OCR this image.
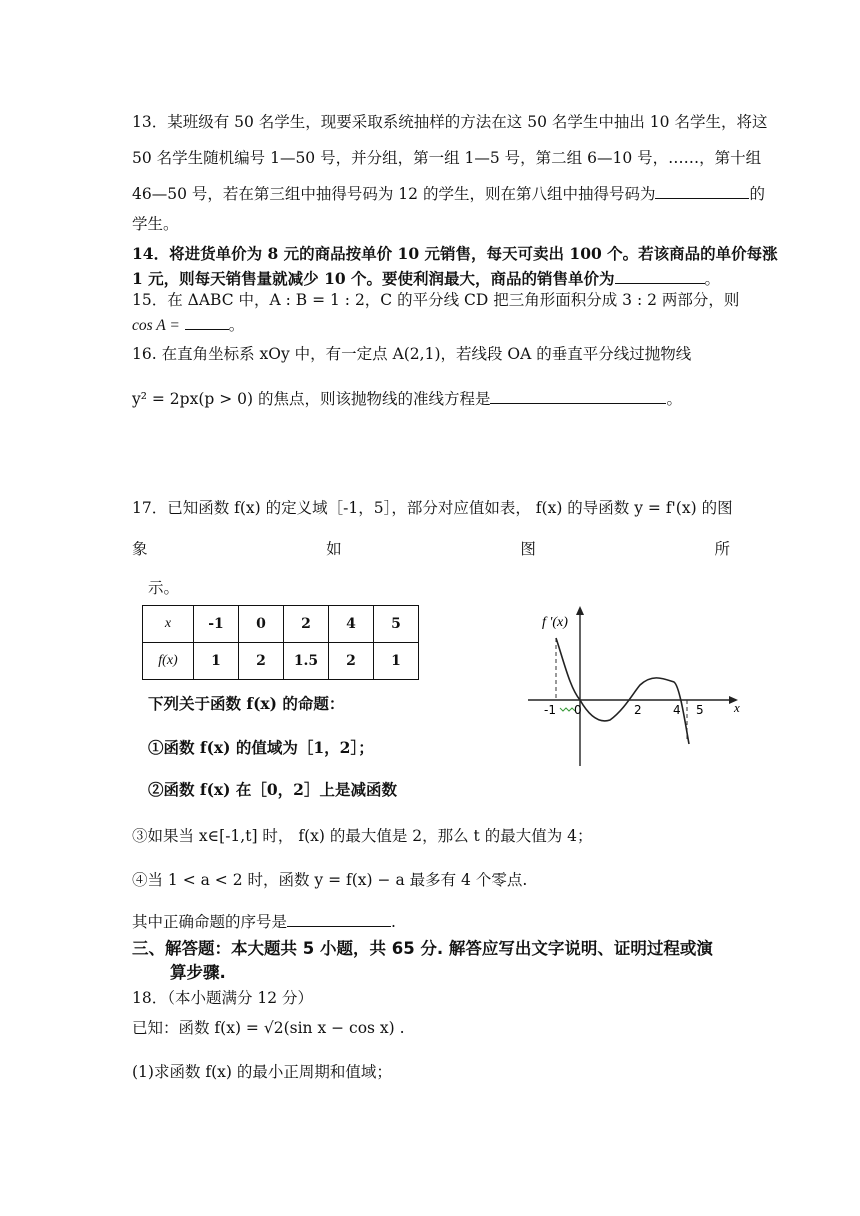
13．某班级有 50 名学生，现要采取系统抽样的方法在这 50 名学生中抽出 10 名学生，将这
50 名学生随机编号 1—50 号，并分组，第一组 1—5 号，第二组 6—10 号，……，第十组
46—50 号，若在第三组中抽得号码为 12 的学生，则在第八组中抽得号码为	的
学生。
14．将进货单价为 8 元的商品按单价 10 元销售，每天可卖出 100 个。若该商品的单价每涨
1 元，则每天销售量就减少 10 个。要使利润最大，商品的销售单价为	。
15．在 ΔABC 中，A : B = 1 : 2，C 的平分线 CD 把三角形面积分成 3 : 2 两部分，则
cos A =	。
16. 在直角坐标系 xOy 中，有一定点 A(2,1)，若线段 OA 的垂直平分线过抛物线
y² = 2px(p > 0) 的焦点，则该抛物线的准线方程是	。
17．已知函数 f(x) 的定义域［-1，5］，部分对应值如表， f(x) 的导函数 y = f'(x) 的图
象	如	图	所
示。
x	-1	0	2	4	5
f(x)	1	2	1.5	2	1
f '(x)
x
-1 0	2	4 5
下列关于函数 f(x) 的命题：
①函数 f(x) 的值域为［1，2］；
②函数 f(x) 在［0，2］上是减函数
③如果当 x∈[-1,t] 时， f(x) 的最大值是 2，那么 t 的最大值为 4；
④当 1 < a < 2 时，函数 y = f(x) − a 最多有 4 个零点.
其中正确命题的序号是	.
三、解答题：本大题共 5 小题，共 65 分. 解答应写出文字说明、证明过程或演
算步骤.
18．（本小题满分 12 分）
已知：函数 f(x) = √2(sin x − cos x) .
(1)求函数 f(x) 的最小正周期和值域；
